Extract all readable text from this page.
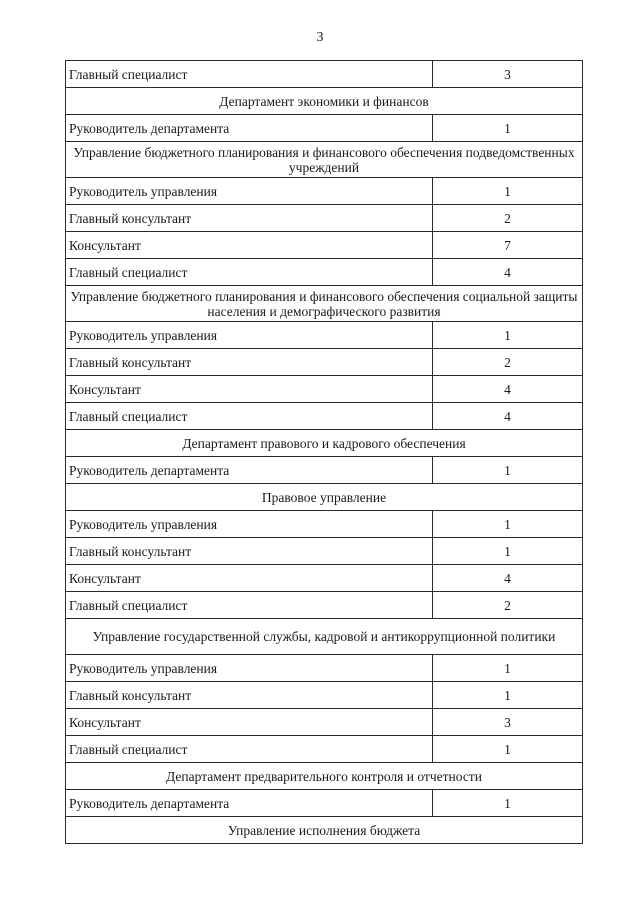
3
Главный специалист	3
Департамент экономики и финансов	
Руководитель департамента	1
Управление бюджетного планирования и финансового обеспечения подведомственных учреждений	
Руководитель управления	1
Главный консультант	2
Консультант	7
Главный специалист	4
Управление бюджетного планирования и финансового обеспечения социальной защиты населения и демографического развития	
Руководитель управления	1
Главный консультант	2
Консультант	4
Главный специалист	4
Департамент правового и кадрового обеспечения	
Руководитель департамента	1
Правовое управление	
Руководитель управления	1
Главный консультант	1
Консультант	4
Главный специалист	2
Управление государственной службы, кадровой и антикоррупционной политики	
Руководитель управления	1
Главный консультант	1
Консультант	3
Главный специалист	1
Департамент предварительного контроля и отчетности	
Руководитель департамента	1
Управление исполнения бюджета	
